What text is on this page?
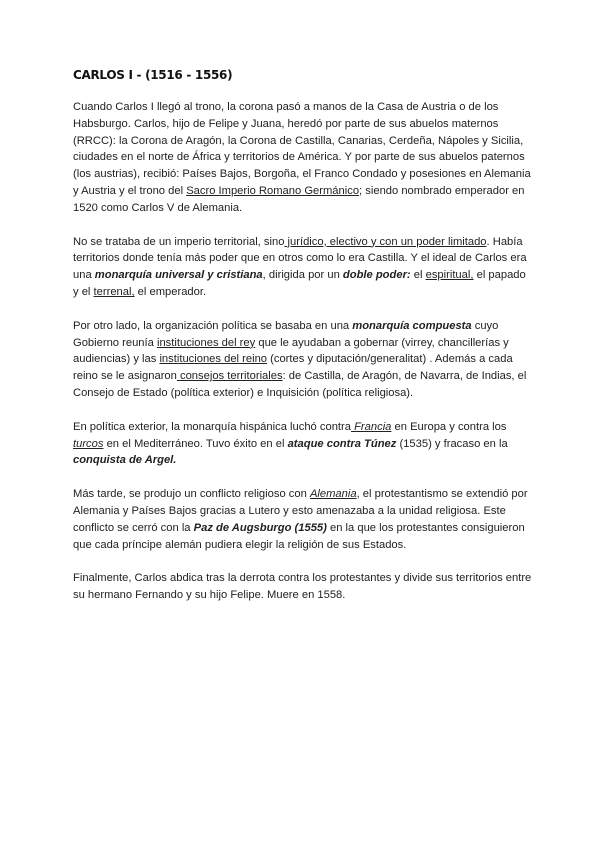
CARLOS I - (1516 - 1556)

Cuando Carlos I llegó al trono, la corona pasó a manos de la Casa de Austria o de los Habsburgo. Carlos, hijo de Felipe y Juana, heredó por parte de sus abuelos maternos (RRCC): la Corona de Aragón, la Corona de Castilla, Canarias, Cerdeña, Nápoles y Sicilia, ciudades en el norte de África y territorios de América. Y por parte de sus abuelos paternos (los austrias), recibió: Países Bajos, Borgoña, el Franco Condado y posesiones en Alemania y Austria y el trono del Sacro Imperio Romano Germánico; siendo nombrado emperador en 1520 como Carlos V de Alemania.

No se trataba de un imperio territorial, sino jurídico, electivo y con un poder limitado. Había territorios donde tenía más poder que en otros como lo era Castilla. Y el ideal de Carlos era una monarquía universal y cristiana, dirigida por un doble poder: el espiritual, el papado y el terrenal, el emperador.

Por otro lado, la organización política se basaba en una monarquía compuesta cuyo Gobierno reunía instituciones del rey que le ayudaban a gobernar (virrey, chancillerías y audiencias) y las instituciones del reino (cortes y diputación/generalitat) . Además a cada reino se le asignaron consejos territoriales: de Castilla, de Aragón, de Navarra, de Indias, el Consejo de Estado (política exterior) e Inquisición (política religiosa).

En política exterior, la monarquía hispánica luchó contra Francia en Europa y contra los turcos en el Mediterráneo. Tuvo éxito en el ataque contra Túnez (1535) y fracaso en la conquista de Argel.

Más tarde, se produjo un conflicto religioso con Alemania, el protestantismo se extendió por Alemania y Países Bajos gracias a Lutero y esto amenazaba a la unidad religiosa. Este conflicto se cerró con la Paz de Augsburgo (1555) en la que los protestantes consiguieron que cada príncipe alemán pudiera elegir la religión de sus Estados.

Finalmente, Carlos abdica tras la derrota contra los protestantes y divide sus territorios entre su hermano Fernando y su hijo Felipe. Muere en 1558.
